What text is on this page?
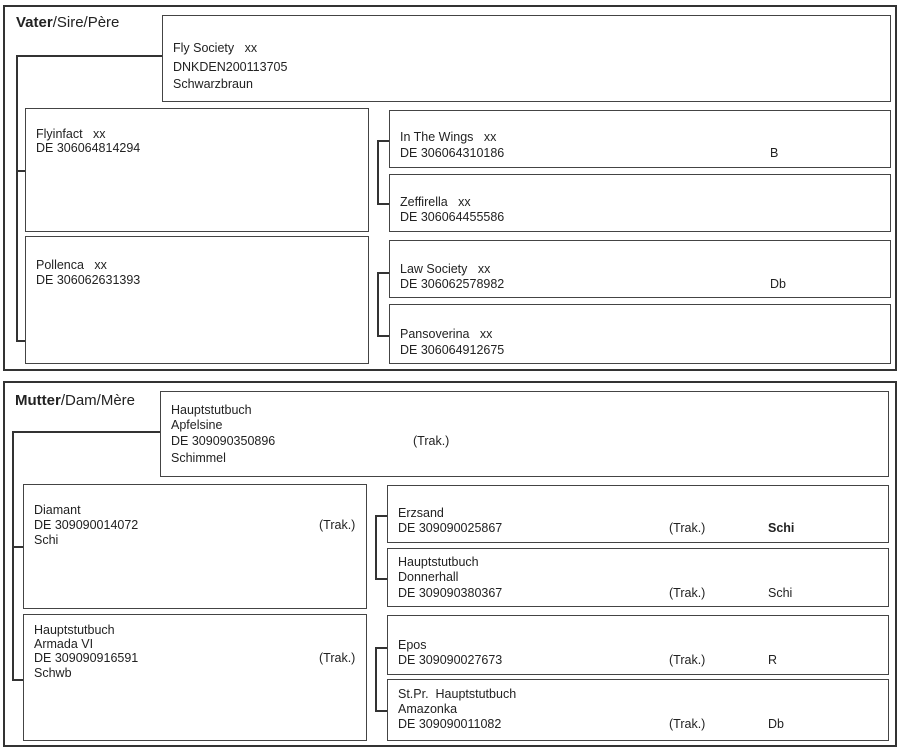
Vater/Sire/Père
Fly Society xx
DNKDEN200113705
Schwarzbraun
Flyinfact xx
DE 306064814294
Pollenca xx
DE 306062631393
In The Wings xx
DE 306064310186	B
Zeffirella xx
DE 306064455586
Law Society xx
DE 306062578982	Db
Pansoverina xx
DE 306064912675
Mutter/Dam/Mère
Hauptstutbuch
Apfelsine
DE 309090350896	(Trak.)
Schimmel
Diamant
DE 309090014072	(Trak.)
Schi
Hauptstutbuch
Armada VI
DE 309090916591	(Trak.)
Schwb
Erzsand
DE 309090025867	(Trak.)	Schi
Hauptstutbuch
Donnerhall
DE 309090380367	(Trak.)	Schi
Epos
DE 309090027673	(Trak.)	R
St.Pr. Hauptstutbuch
Amazonka
DE 309090011082	(Trak.)	Db
